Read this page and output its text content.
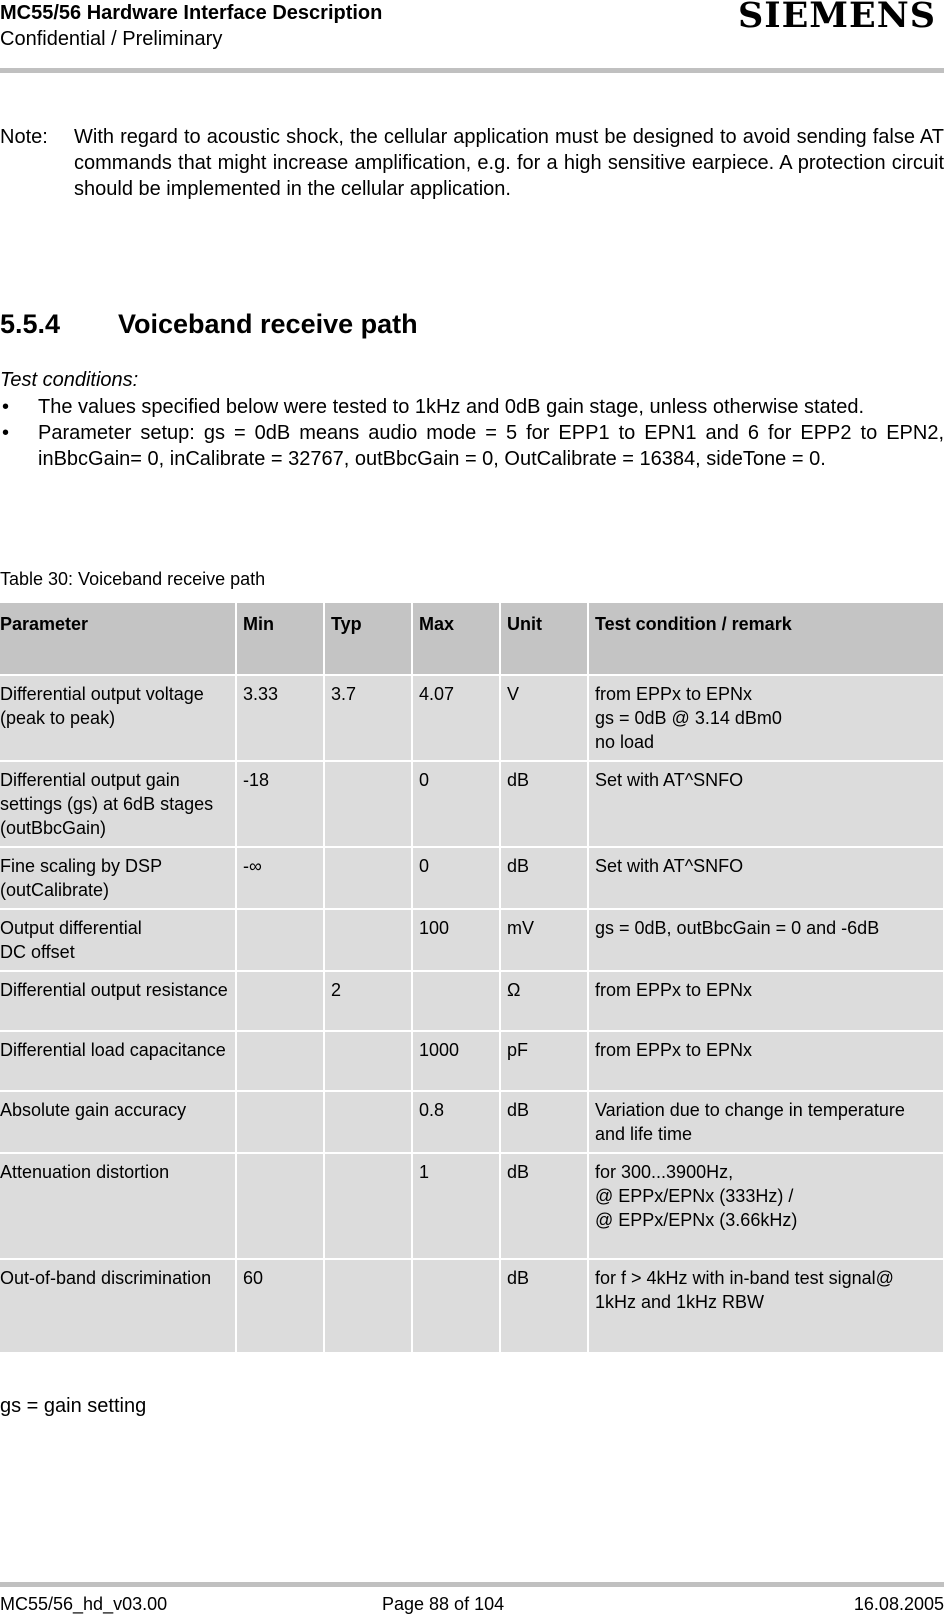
MC55/56 Hardware Interface Description
Confidential / Preliminary
SIEMENS
Note: With regard to acoustic shock, the cellular application must be designed to avoid sending false AT commands that might increase amplification, e.g. for a high sensitive earpiece. A protection circuit should be implemented in the cellular application.
5.5.4 Voiceband receive path
Test conditions:
• The values specified below were tested to 1kHz and 0dB gain stage, unless otherwise stated.
• Parameter setup: gs = 0dB means audio mode = 5 for EPP1 to EPN1 and 6 for EPP2 to EPN2, inBbcGain= 0, inCalibrate = 32767, outBbcGain = 0, OutCalibrate = 16384, sideTone = 0.
Table 30: Voiceband receive path
Parameter	Min	Typ	Max	Unit	Test condition / remark
Differential output voltage (peak to peak)	3.33	3.7	4.07	V	from EPPx to EPNx
gs = 0dB @ 3.14 dBm0
no load
Differential output gain settings (gs) at 6dB stages (outBbcGain)	-18		0	dB	Set with AT^SNFO
Fine scaling by DSP (outCalibrate)	-∞		0	dB	Set with AT^SNFO
Output differential
DC offset			100	mV	gs = 0dB, outBbcGain = 0 and -6dB
Differential output resistance		2		Ω	from EPPx to EPNx
Differential load capacitance			1000	pF	from EPPx to EPNx
Absolute gain accuracy			0.8	dB	Variation due to change in temperature and life time
Attenuation distortion			1	dB	for 300...3900Hz,
@ EPPx/EPNx (333Hz) /
@ EPPx/EPNx (3.66kHz)
Out-of-band discrimination	60			dB	for f > 4kHz with in-band test signal@ 1kHz and 1kHz RBW
gs = gain setting
MC55/56_hd_v03.00	Page 88 of 104	16.08.2005
